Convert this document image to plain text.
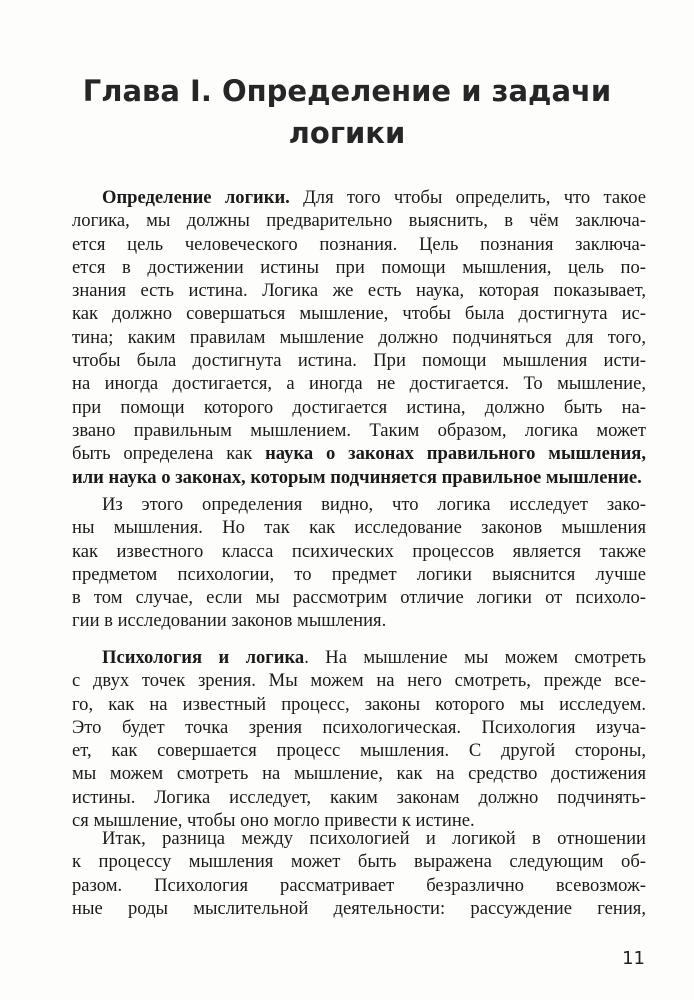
Глава I. Определение и задачи
логики
Определение логики. Для того чтобы определить, что такое
логика, мы должны предварительно выяснить, в чём заключа-
ется цель человеческого познания. Цель познания заключа-
ется в достижении истины при помощи мышления, цель по-
знания есть истина. Логика же есть наука, которая показывает,
как должно совершаться мышление, чтобы была достигнута ис-
тина; каким правилам мышление должно подчиняться для того,
чтобы была достигнута истина. При помощи мышления исти-
на иногда достигается, а иногда не достигается. То мышление,
при помощи которого достигается истина, должно быть на-
звано правильным мышлением. Таким образом, логика может
быть определена как наука о законах правильного мышления,
или наука о законах, которым подчиняется правильное мышление.
Из этого определения видно, что логика исследует зако-
ны мышления. Но так как исследование законов мышления
как известного класса психических процессов является также
предметом психологии, то предмет логики выяснится лучше
в том случае, если мы рассмотрим отличие логики от психоло-
гии в исследовании законов мышления.
Психология и логика. На мышление мы можем смотреть
с двух точек зрения. Мы можем на него смотреть, прежде все-
го, как на известный процесс, законы которого мы исследуем.
Это будет точка зрения психологическая. Психология изуча-
ет, как совершается процесс мышления. С другой стороны,
мы можем смотреть на мышление, как на средство достижения
истины. Логика исследует, каким законам должно подчинять-
ся мышление, чтобы оно могло привести к истине.
Итак, разница между психологией и логикой в отношении
к процессу мышления может быть выражена следующим об-
разом. Психология рассматривает безразлично всевозмож-
ные роды мыслительной деятельности: рассуждение гения,
11
